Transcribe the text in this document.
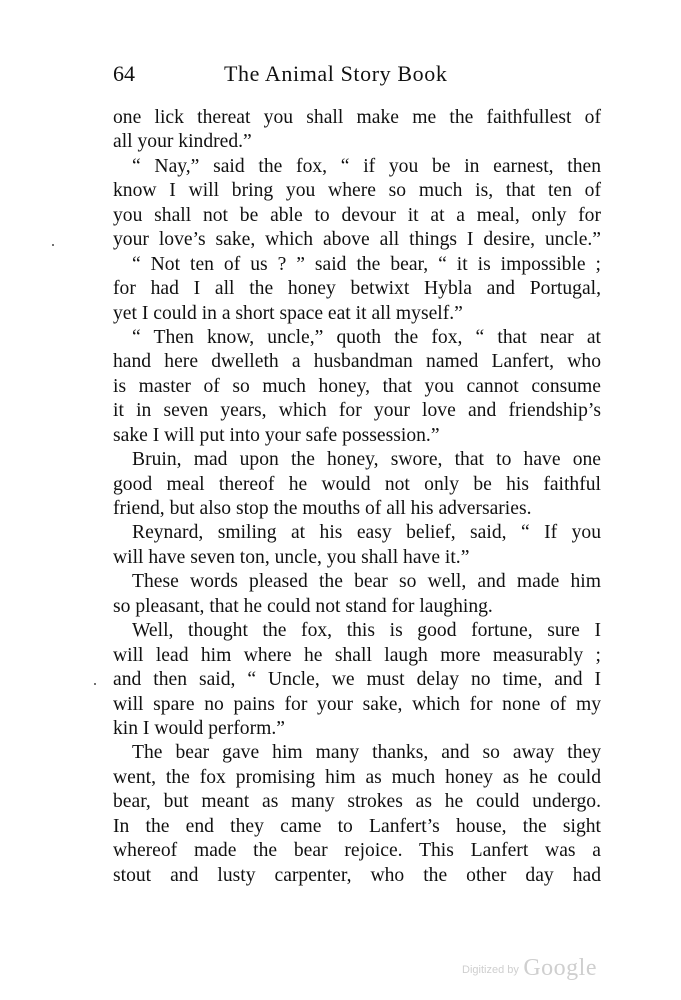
64	The Animal Story Book
one lick thereat you shall make me the faithfullest of
all your kindred.”
“ Nay,” said the fox, “ if you be in earnest, then
know I will bring you where so much is, that ten of
you shall not be able to devour it at a meal, only for
your love’s sake, which above all things I desire, uncle.”
“ Not ten of us ? ” said the bear, “ it is impossible ;
for had I all the honey betwixt Hybla and Portugal,
yet I could in a short space eat it all myself.”
“ Then know, uncle,” quoth the fox, “ that near at
hand here dwelleth a husbandman named Lanfert, who
is master of so much honey, that you cannot consume
it in seven years, which for your love and friendship’s
sake I will put into your safe possession.”
Bruin, mad upon the honey, swore, that to have one
good meal thereof he would not only be his faithful
friend, but also stop the mouths of all his adversaries.
Reynard, smiling at his easy belief, said, “ If you
will have seven ton, uncle, you shall have it.”
These words pleased the bear so well, and made him
so pleasant, that he could not stand for laughing.
Well, thought the fox, this is good fortune, sure I
will lead him where he shall laugh more measurably ;
and then said, “ Uncle, we must delay no time, and I
will spare no pains for your sake, which for none of my
kin I would perform.”
The bear gave him many thanks, and so away they
went, the fox promising him as much honey as he could
bear, but meant as many strokes as he could undergo.
In the end they came to Lanfert’s house, the sight
whereof made the bear rejoice. This Lanfert was a
stout and lusty carpenter, who the other day had
Digitized by Google
